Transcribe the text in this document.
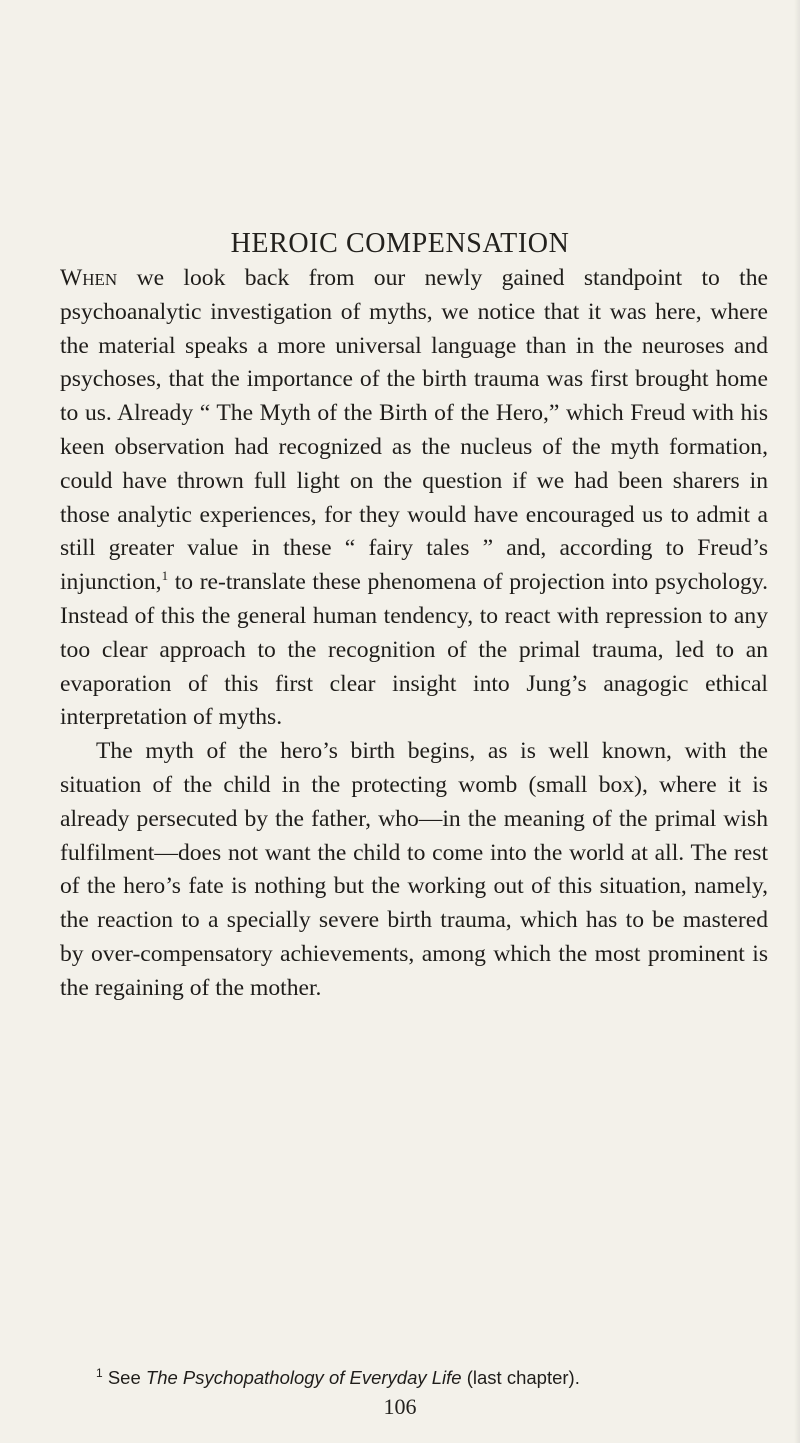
HEROIC COMPENSATION

When we look back from our newly gained standpoint to the psychoanalytic investigation of myths, we notice that it was here, where the material speaks a more universal language than in the neuroses and psychoses, that the importance of the birth trauma was first brought home to us. Already “ The Myth of the Birth of the Hero,” which Freud with his keen observation had recognized as the nucleus of the myth formation, could have thrown full light on the question if we had been sharers in those analytic experiences, for they would have encouraged us to admit a still greater value in these “ fairy tales ” and, according to Freud’s injunction,$^1$ to re-translate these phenomena of projection into psychology. Instead of this the general human tendency, to react with repression to any too clear approach to the recognition of the primal trauma, led to an evaporation of this first clear insight into Jung’s anagogic ethical interpretation of myths.

The myth of the hero’s birth begins, as is well known, with the situation of the child in the protecting womb (small box), where it is already persecuted by the father, who—in the meaning of the primal wish fulfilment—does not want the child to come into the world at all. The rest of the hero’s fate is nothing but the working out of this situation, namely, the reaction to a specially severe birth trauma, which has to be mastered by over-compensatory achievements, among which the most prominent is the regaining of the mother.

$^1$ See The Psychopathology of Everyday Life (last chapter).
106
